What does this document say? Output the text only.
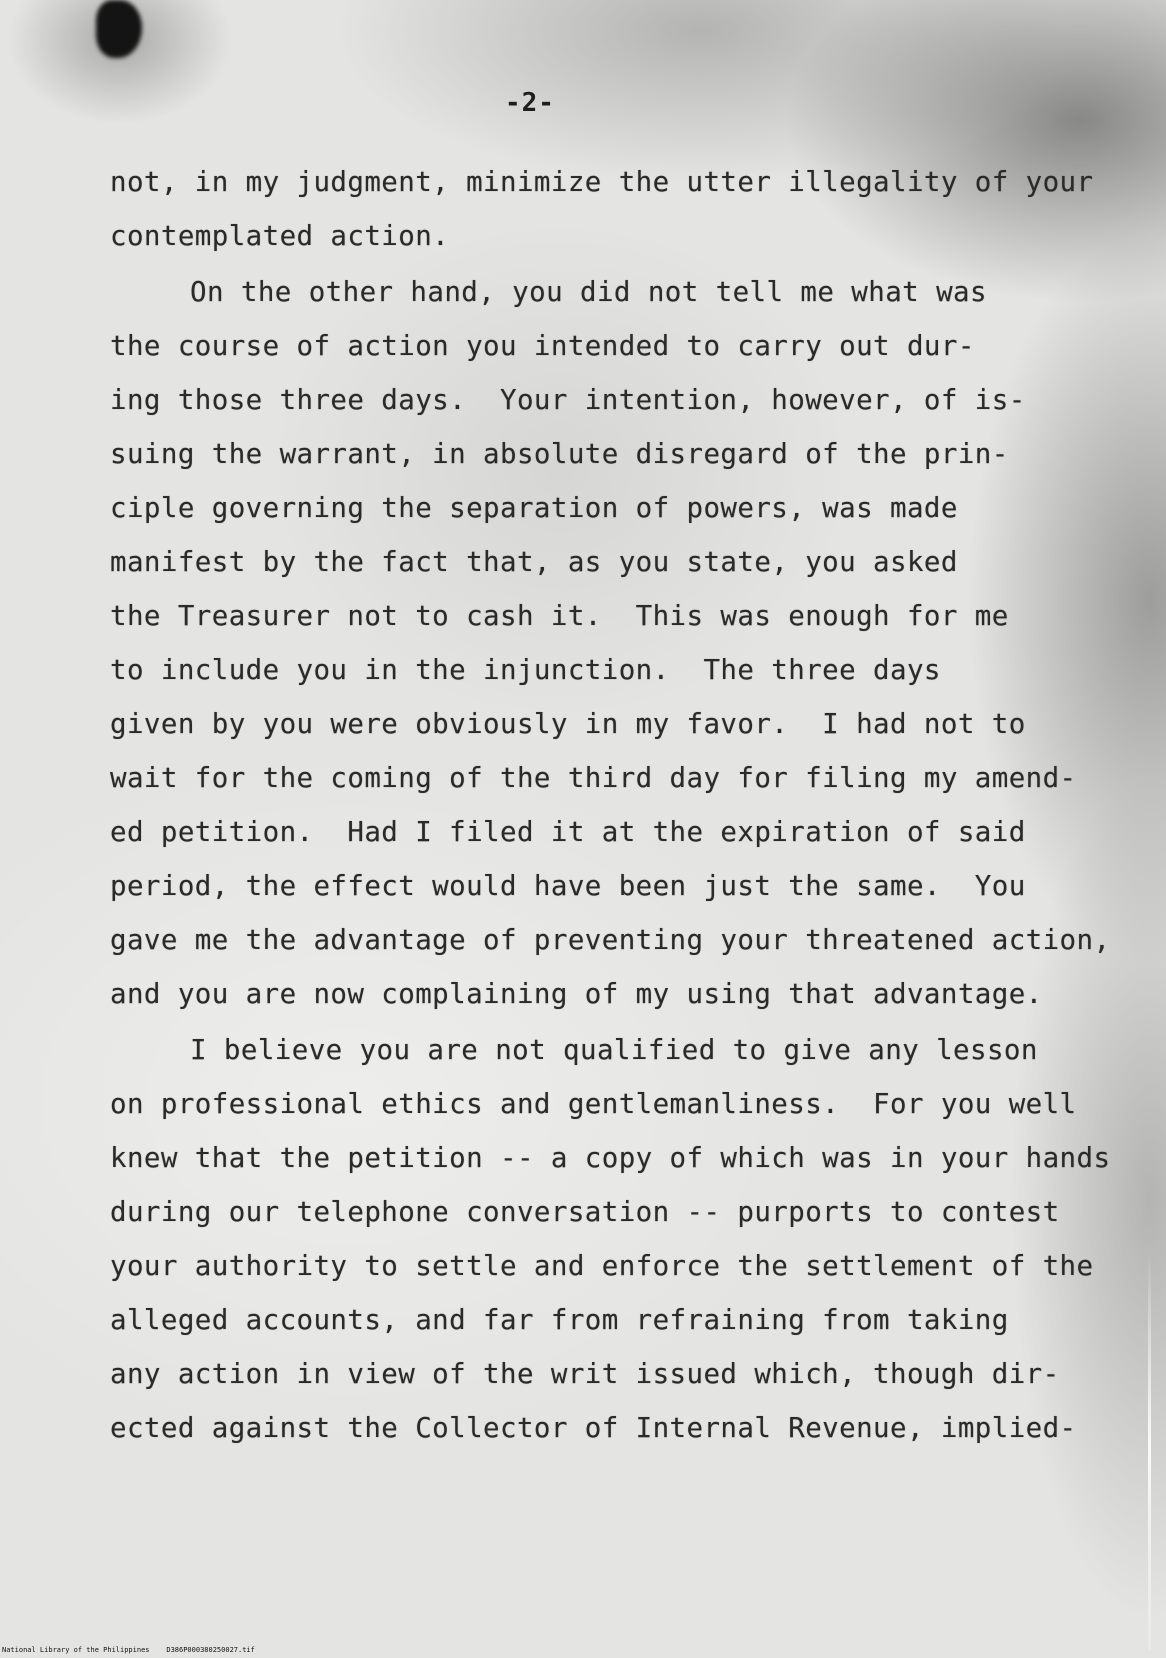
-2-
not, in my judgment, minimize the utter illegality of your
contemplated action.
On the other hand, you did not tell me what was
the course of action you intended to carry out dur-
ing those three days.  Your intention, however, of is-
suing the warrant, in absolute disregard of the prin-
ciple governing the separation of powers, was made
manifest by the fact that, as you state, you asked
the Treasurer not to cash it.  This was enough for me
to include you in the injunction.  The three days
given by you were obviously in my favor.  I had not to
wait for the coming of the third day for filing my amend-
ed petition.  Had I filed it at the expiration of said
period, the effect would have been just the same.  You
gave me the advantage of preventing your threatened action,
and you are now complaining of my using that advantage.
I believe you are not qualified to give any lesson
on professional ethics and gentlemanliness.  For you well
knew that the petition -- a copy of which was in your hands
during our telephone conversation -- purports to contest
your authority to settle and enforce the settlement of the
alleged accounts, and far from refraining from taking
any action in view of the writ issued which, though dir-
ected against the Collector of Internal Revenue, implied-
National Library of the Philippines    D386P000380250027.tif
